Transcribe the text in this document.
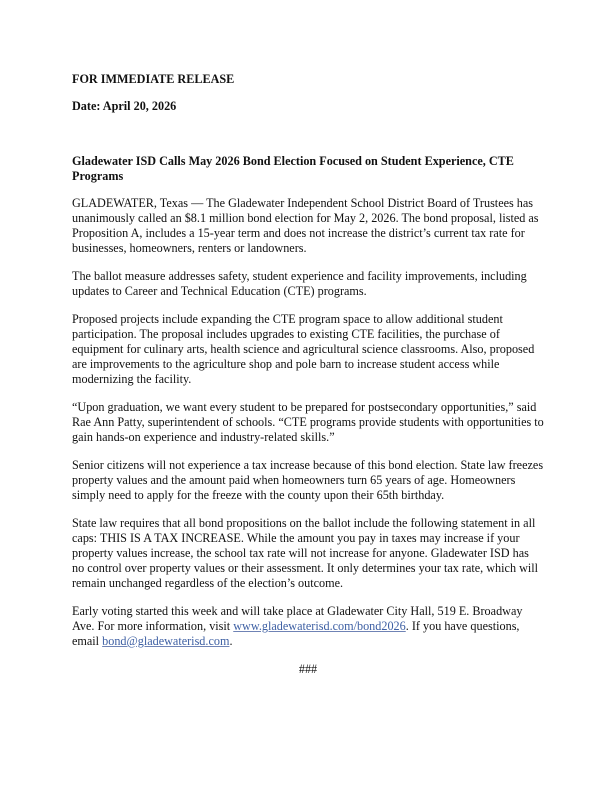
FOR IMMEDIATE RELEASE

Date: April 20, 2026

Gladewater ISD Calls May 2026 Bond Election Focused on Student Experience, CTE Programs

GLADEWATER, Texas — The Gladewater Independent School District Board of Trustees has unanimously called an $8.1 million bond election for May 2, 2026. The bond proposal, listed as Proposition A, includes a 15-year term and does not increase the district’s current tax rate for businesses, homeowners, renters or landowners.

The ballot measure addresses safety, student experience and facility improvements, including updates to Career and Technical Education (CTE) programs.

Proposed projects include expanding the CTE program space to allow additional student participation. The proposal includes upgrades to existing CTE facilities, the purchase of equipment for culinary arts, health science and agricultural science classrooms. Also, proposed are improvements to the agriculture shop and pole barn to increase student access while modernizing the facility.

“Upon graduation, we want every student to be prepared for postsecondary opportunities,” said Rae Ann Patty, superintendent of schools. “CTE programs provide students with opportunities to gain hands-on experience and industry-related skills.”

Senior citizens will not experience a tax increase because of this bond election. State law freezes property values and the amount paid when homeowners turn 65 years of age. Homeowners simply need to apply for the freeze with the county upon their 65th birthday.

State law requires that all bond propositions on the ballot include the following statement in all caps: THIS IS A TAX INCREASE. While the amount you pay in taxes may increase if your property values increase, the school tax rate will not increase for anyone. Gladewater ISD has no control over property values or their assessment. It only determines your tax rate, which will remain unchanged regardless of the election’s outcome.

Early voting started this week and will take place at Gladewater City Hall, 519 E. Broadway Ave. For more information, visit www.gladewaterisd.com/bond2026. If you have questions, email bond@gladewaterisd.com.

###
